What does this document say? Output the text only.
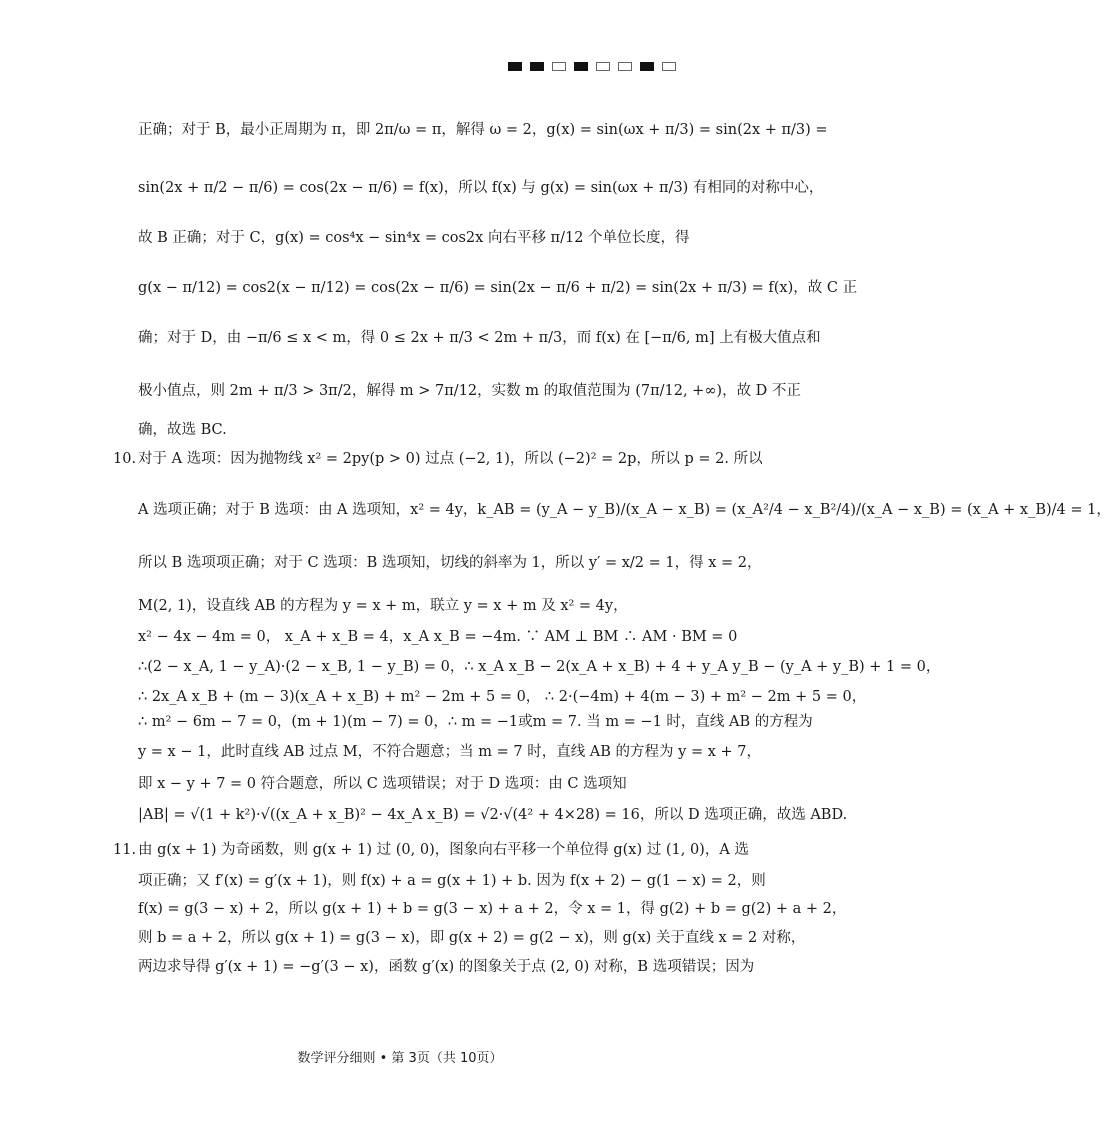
正确；对于 B，最小正周期为 π，即 2π/ω = π，解得 ω = 2，g(x) = sin(ωx + π/3) = sin(2x + π/3) =
sin(2x + π/2 − π/6) = cos(2x − π/6) = f(x)，所以 f(x) 与 g(x) = sin(ωx + π/3) 有相同的对称中心，
故 B 正确；对于 C，g(x) = cos⁴x − sin⁴x = cos2x 向右平移 π/12 个单位长度，得
g(x − π/12) = cos2(x − π/12) = cos(2x − π/6) = sin(2x − π/6 + π/2) = sin(2x + π/3) = f(x)，故 C 正
确；对于 D，由 −π/6 ≤ x < m，得 0 ≤ 2x + π/3 < 2m + π/3，而 f(x) 在 [−π/6, m] 上有极大值点和
极小值点，则 2m + π/3 > 3π/2，解得 m > 7π/12，实数 m 的取值范围为 (7π/12, +∞)，故 D 不正
确，故选 BC.
10. 对于 A 选项：因为抛物线 x² = 2py(p > 0) 过点 (−2, 1)，所以 (−2)² = 2p，所以 p = 2. 所以
A 选项正确；对于 B 选项：由 A 选项知，x² = 4y，k_AB = (y_A − y_B)/(x_A − x_B) = (x_A²/4 − x_B²/4)/(x_A − x_B) = (x_A + x_B)/4 = 1，
所以 B 选项项正确；对于 C 选项：B 选项知，切线的斜率为 1，所以 y′ = x/2 = 1，得 x = 2，
M(2, 1)，设直线 AB 的方程为 y = x + m，联立 y = x + m 及 x² = 4y，
x² − 4x − 4m = 0， x_A + x_B = 4，x_A x_B = −4m. ∵ AM ⊥ BM ∴ AM · BM = 0
∴(2 − x_A, 1 − y_A)·(2 − x_B, 1 − y_B) = 0，∴ x_A x_B − 2(x_A + x_B) + 4 + y_A y_B − (y_A + y_B) + 1 = 0，
∴ 2x_A x_B + (m − 3)(x_A + x_B) + m² − 2m + 5 = 0， ∴ 2·(−4m) + 4(m − 3) + m² − 2m + 5 = 0，
∴ m² − 6m − 7 = 0，(m + 1)(m − 7) = 0，∴ m = −1或m = 7. 当 m = −1 时，直线 AB 的方程为
y = x − 1，此时直线 AB 过点 M，不符合题意；当 m = 7 时，直线 AB 的方程为 y = x + 7，
即 x − y + 7 = 0 符合题意，所以 C 选项错误；对于 D 选项：由 C 选项知
|AB| = √(1 + k²)·√((x_A + x_B)² − 4x_A x_B) = √2·√(4² + 4×28) = 16，所以 D 选项正确，故选 ABD.
11. 由 g(x + 1) 为奇函数，则 g(x + 1) 过 (0, 0)，图象向右平移一个单位得 g(x) 过 (1, 0)，A 选
项正确；又 f′(x) = g′(x + 1)，则 f(x) + a = g(x + 1) + b. 因为 f(x + 2) − g(1 − x) = 2，则
f(x) = g(3 − x) + 2，所以 g(x + 1) + b = g(3 − x) + a + 2，令 x = 1，得 g(2) + b = g(2) + a + 2，
则 b = a + 2，所以 g(x + 1) = g(3 − x)，即 g(x + 2) = g(2 − x)，则 g(x) 关于直线 x = 2 对称，
两边求导得 g′(x + 1) = −g′(3 − x)，函数 g′(x) 的图象关于点 (2, 0) 对称，B 选项错误；因为
数学评分细则 • 第 3页（共 10页）
